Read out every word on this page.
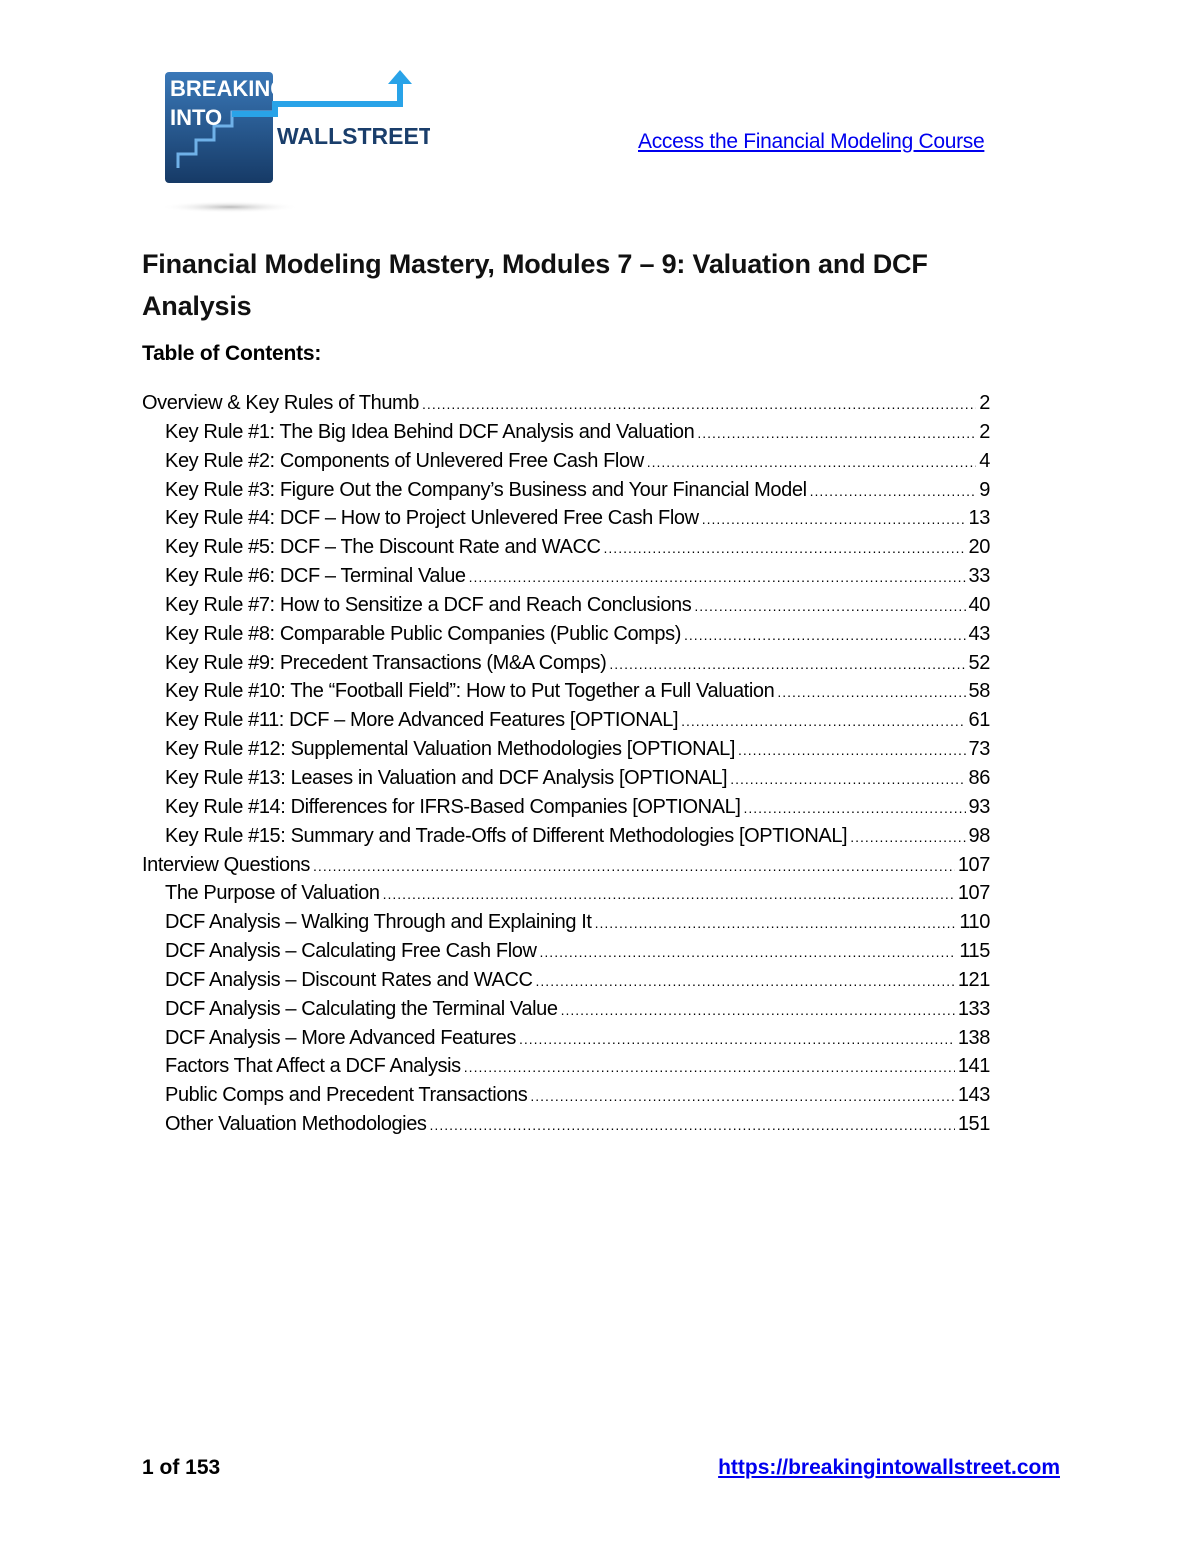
BREAKING
INTO
WALLSTREET	Access the Financial Modeling Course
Financial Modeling Mastery, Modules 7 – 9: Valuation and DCF Analysis
Table of Contents:
Overview & Key Rules of Thumb .....	2
Key Rule #1: The Big Idea Behind DCF Analysis and Valuation .....	2
Key Rule #2: Components of Unlevered Free Cash Flow .....	4
Key Rule #3: Figure Out the Company’s Business and Your Financial Model .....	9
Key Rule #4: DCF – How to Project Unlevered Free Cash Flow .....	13
Key Rule #5: DCF – The Discount Rate and WACC .....	20
Key Rule #6: DCF – Terminal Value .....	33
Key Rule #7: How to Sensitize a DCF and Reach Conclusions .....	40
Key Rule #8: Comparable Public Companies (Public Comps) .....	43
Key Rule #9: Precedent Transactions (M&A Comps) .....	52
Key Rule #10: The “Football Field”: How to Put Together a Full Valuation .....	58
Key Rule #11: DCF – More Advanced Features [OPTIONAL] .....	61
Key Rule #12: Supplemental Valuation Methodologies [OPTIONAL] .....	73
Key Rule #13: Leases in Valuation and DCF Analysis [OPTIONAL] .....	86
Key Rule #14: Differences for IFRS-Based Companies [OPTIONAL] .....	93
Key Rule #15: Summary and Trade-Offs of Different Methodologies [OPTIONAL] .....	98
Interview Questions .....	107
The Purpose of Valuation .....	107
DCF Analysis – Walking Through and Explaining It .....	110
DCF Analysis – Calculating Free Cash Flow .....	115
DCF Analysis – Discount Rates and WACC .....	121
DCF Analysis – Calculating the Terminal Value .....	133
DCF Analysis – More Advanced Features .....	138
Factors That Affect a DCF Analysis .....	141
Public Comps and Precedent Transactions .....	143
Other Valuation Methodologies .....	151
1 of 153	https://breakingintowallstreet.com
